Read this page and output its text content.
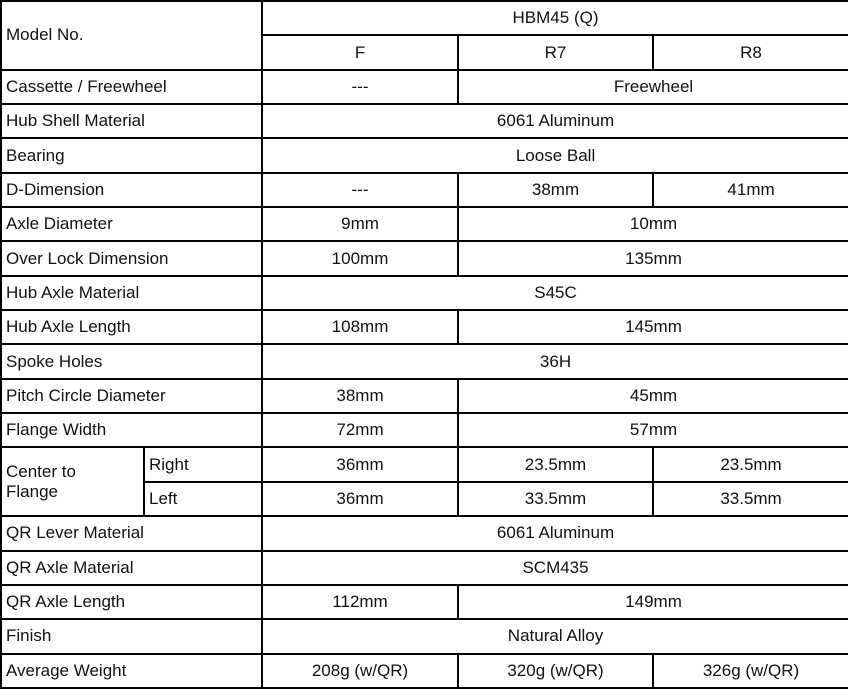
Model No.		HBM45 (Q)		
		F	R7	R8
Cassette / Freewheel		---	Freewheel	
Hub Shell Material		6061 Aluminum		
Bearing		Loose Ball		
D-Dimension		---	38mm	41mm
Axle Diameter		9mm	10mm	
Over Lock Dimension		100mm	135mm	
Hub Axle Material		S45C		
Hub Axle Length		108mm	145mm	
Spoke Holes		36H		
Pitch Circle Diameter		38mm	45mm	
Flange Width		72mm	57mm	

Center to
Flange	Right	36mm	23.5mm	23.5mm
	Left	36mm	33.5mm	33.5mm
QR Lever Material		6061 Aluminum		
QR Axle Material		SCM435		
QR Axle Length		112mm	149mm	
Finish		Natural Alloy		
Average Weight		208g (w/QR)	320g (w/QR)	326g (w/QR)
